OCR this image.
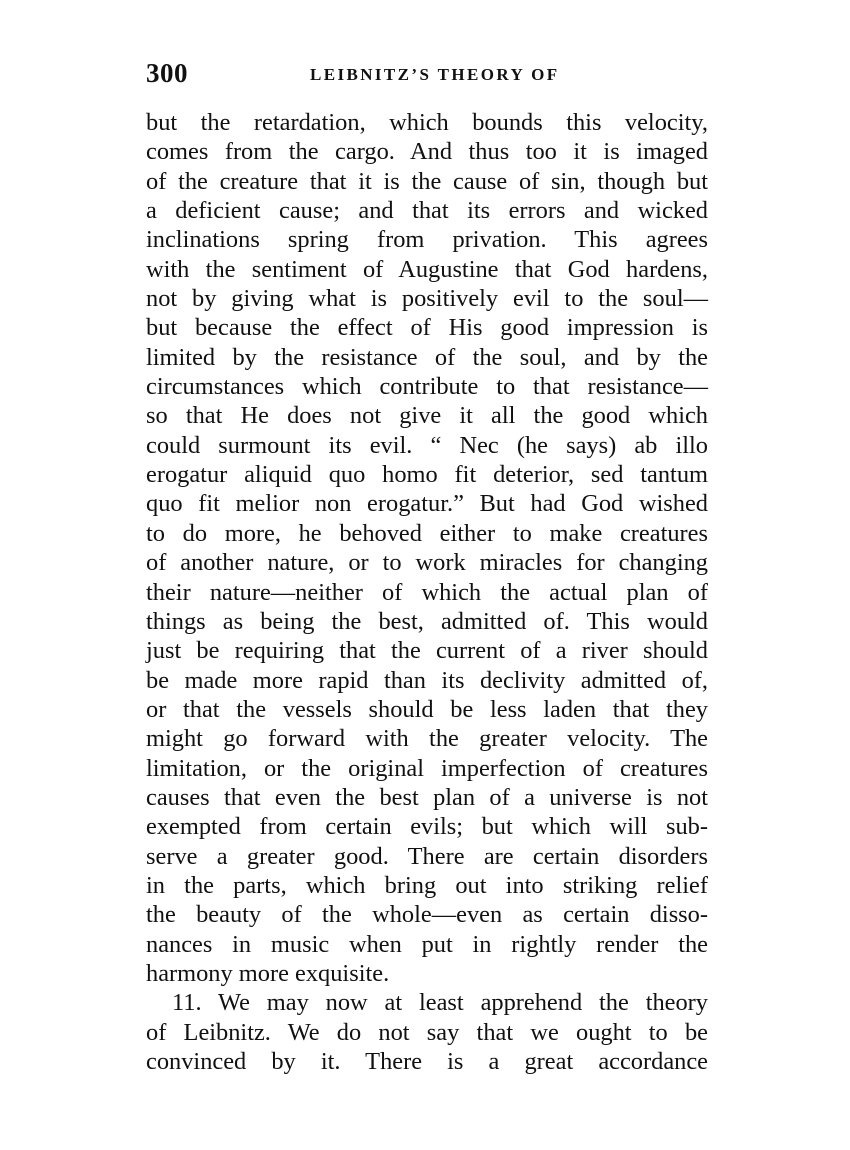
300	LEIBNITZ’S THEORY OF
but the retardation, which bounds this velocity,
comes from the cargo. And thus too it is imaged
of the creature that it is the cause of sin, though but
a deficient cause; and that its errors and wicked
inclinations spring from privation. This agrees
with the sentiment of Augustine that God hardens,
not by giving what is positively evil to the soul—
but because the effect of His good impression is
limited by the resistance of the soul, and by the
circumstances which contribute to that resistance—
so that He does not give it all the good which
could surmount its evil. “ Nec (he says) ab illo
erogatur aliquid quo homo fit deterior, sed tantum
quo fit melior non erogatur.” But had God wished
to do more, he behoved either to make creatures
of another nature, or to work miracles for changing
their nature—neither of which the actual plan of
things as being the best, admitted of. This would
just be requiring that the current of a river should
be made more rapid than its declivity admitted of,
or that the vessels should be less laden that they
might go forward with the greater velocity. The
limitation, or the original imperfection of creatures
causes that even the best plan of a universe is not
exempted from certain evils; but which will sub-
serve a greater good. There are certain disorders
in the parts, which bring out into striking relief
the beauty of the whole—even as certain disso-
nances in music when put in rightly render the
harmony more exquisite.
11. We may now at least apprehend the theory
of Leibnitz. We do not say that we ought to be
convinced by it. There is a great accordance
